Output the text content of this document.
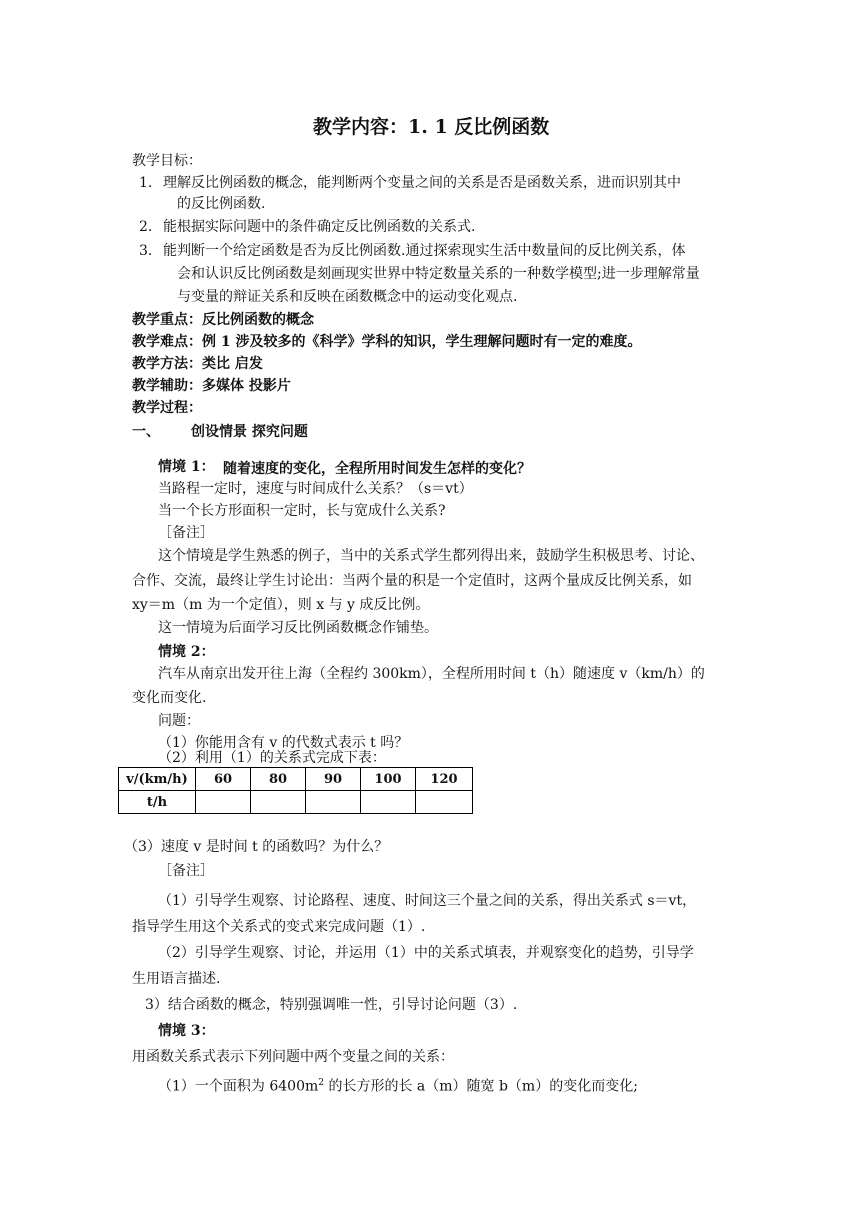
教学内容：1. 1 反比例函数
教学目标：
1. 理解反比例函数的概念，能判断两个变量之间的关系是否是函数关系，进而识别其中
的反比例函数.
2. 能根据实际问题中的条件确定反比例函数的关系式.
3. 能判断一个给定函数是否为反比例函数.通过探索现实生活中数量间的反比例关系，体
会和认识反比例函数是刻画现实世界中特定数量关系的一种数学模型;进一步理解常量
与变量的辩证关系和反映在函数概念中的运动变化观点.
教学重点：反比例函数的概念
教学难点：例 1 涉及较多的《科学》学科的知识，学生理解问题时有一定的难度。
教学方法：类比 启发
教学辅助：多媒体 投影片
教学过程：
一、 创设情景 探究问题
情境 1： 随着速度的变化，全程所用时间发生怎样的变化？
当路程一定时，速度与时间成什么关系？（s＝vt）
当一个长方形面积一定时，长与宽成什么关系?
［备注］
这个情境是学生熟悉的例子，当中的关系式学生都列得出来，鼓励学生积极思考、讨论、
合作、交流，最终让学生讨论出：当两个量的积是一个定值时，这两个量成反比例关系，如
xy＝m（m 为一个定值），则 x 与 y 成反比例。
这一情境为后面学习反比例函数概念作铺垫。
情境 2：
汽车从南京出发开往上海（全程约 300km），全程所用时间 t（h）随速度 v（km/h）的
变化而变化.
问题：
（1）你能用含有 v 的代数式表示 t 吗？
（2）利用（1）的关系式完成下表：
v/(km/h)	60	80	90	100	120
t/h					
（3）速度 v 是时间 t 的函数吗？为什么？
［备注］
（1）引导学生观察、讨论路程、速度、时间这三个量之间的关系，得出关系式 s＝vt，
指导学生用这个关系式的变式来完成问题（1）.
（2）引导学生观察、讨论，并运用（1）中的关系式填表，并观察变化的趋势，引导学
生用语言描述.
3）结合函数的概念，特别强调唯一性，引导讨论问题（3）.
情境 3：
用函数关系式表示下列问题中两个变量之间的关系：
（1）一个面积为 $6400m^2$ 的长方形的长 a（m）随宽 b（m）的变化而变化;
